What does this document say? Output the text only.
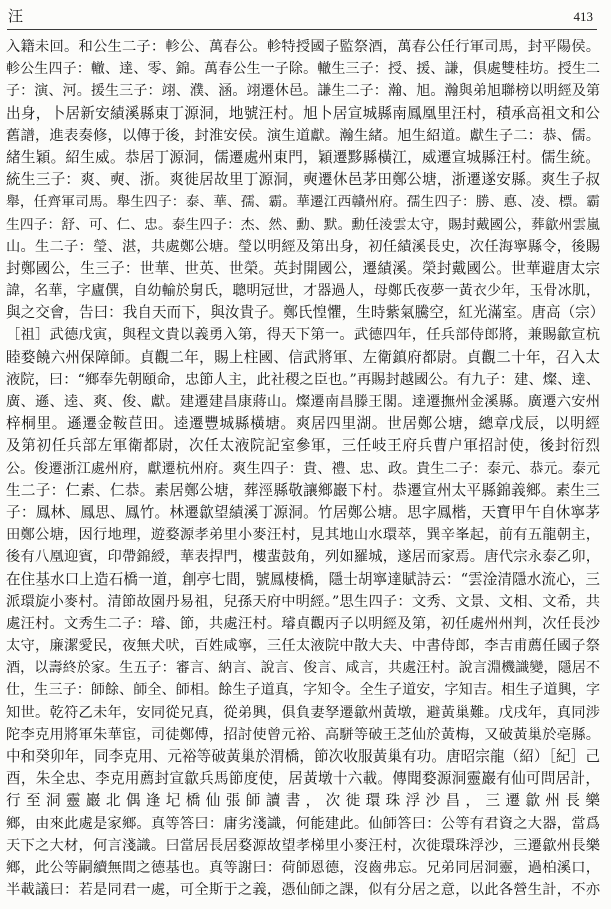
汪	413
入籍未回。和公生二子：軫公、萬春公。軫特授國子監祭酒，萬春公任行軍司馬，封平陽侯。
軫公生四子：轍、達、零、錦。萬春公生一子除。轍生三子：授、援、謙，俱處雙桂坊。授生二
子：演、河。援生三子：翊、濮、涵。翊遷休邑。謙生二子：瀚、旭。瀚與弟旭聯榜以明經及第
出身，卜居新安績溪縣東丁源洞，地號汪村。旭卜居宣城縣南鳳凰里汪村，積承高祖文和公
舊譜，進表奏修，以傳于後，封淮安侯。演生道獻。瀚生緒。旭生紹道。獻生子二：恭、儒。
緒生穎。紹生威。恭居丁源洞，儒遷處州東門，穎遷黟縣橫江，威遷宣城縣汪村。儒生統。
統生三子：爽、奭、浙。爽徙居故里丁源洞，奭遷休邑茅田鄭公塘，浙遷遂安縣。爽生子叔
舉，任齊軍司馬。舉生四子：泰、華、孺、霸。華遷江西贛州府。孺生四子：勝、悳、凌、標。霸
生四子：舒、可、仁、忠。泰生四子：杰、然、勳、默。勳任淩雲太守，賜封戴國公，葬歙州雲嵐
山。生二子：瑩、湛，共處鄭公塘。瑩以明經及第出身，初任績溪長史，次任海寧縣令，後賜
封鄭國公，生三子：世華、世英、世榮。英封開國公，遷績溪。榮封戴國公。世華避唐太宗
諱，名華，字廬僎，自幼輸於舅氏，聰明冠世，才器過人，母鄭氏夜夢一黃衣少年，玉骨冰肌，
與之交會，告曰：我自天而下，與汝貴子。鄭氏惶懼，生時紫氣騰空，紅光滿室。唐高（宗）
［祖］武德戊寅，與程文貴以義勇入第，得天下第一。武德四年，任兵部侍郎將，兼賜歙宣杭
睦婺饒六州保障師。貞觀二年，賜上柱國、信武將軍、左衛鎮府都尉。貞觀二十年，召入太
液院，曰：“鄉奉先朝頤命，忠節人主，此社稷之臣也。”再賜封越國公。有九子：建、燦、達、
廣、遜、逵、爽、俊、獻。建遷建昌康蔣山。燦遷南昌滕王閣。達遷撫州金溪縣。廣遷六安州
梓桐里。遜遷金鞍苣田。逵遷豐城縣橫塘。爽居四里湖。世居鄭公塘，總章戊辰，以明經
及第初任兵部左軍衛都尉，次任太液院記室參軍，三任岐王府兵曹户軍招討使，後封衍烈
公。俊遷浙江處州府，獻遷杭州府。爽生四子：貴、禮、忠、政。貴生二子：泰元、恭元。泰元
生二子：仁素、仁恭。素居鄭公塘，葬涇縣敬讓鄉巖下村。恭遷宣州太平縣錦義鄉。素生三
子：鳳林、鳳思、鳳竹。林遷歙望績溪丁源洞。竹居鄭公塘。思字鳳楷，天寶甲午自休寧茅
田鄭公塘，因行地理，遊婺源孝弟里小麥汪村，見其地山水環萃，巽辛峯起，前有五龍朝主，
後有八凰迎賓，印帶錦綬，華表捍門，樓蜚鼓角，列如羅城，遂居而家焉。唐代宗永泰乙卯，
在住基水口上造石橋一道，創亭七間，號鳳棲橋，隱士胡寧達賦詩云：“雲淦清隱水流心，三
派環旋小麥村。清節故園丹易祖，兒孫天府中明經。”思生四子：文秀、文景、文相、文希，共
處汪村。文秀生二子：璿、節，共處汪村。璿貞觀丙子以明經及第，初任處州州判，次任長沙
太守，廉潔愛民，夜無犬吠，百姓咸寧，三任太液院中散大夫、中書侍郎，李吉甫薦任國子祭
酒，以壽終於家。生五子：審言、納言、說言、俊言、咸言，共處汪村。說言淵機識變，隱居不
仕，生三子：師餘、師全、師相。餘生子道真，字知令。全生子道安，字知吉。相生子道興，字
知世。乾符乙未年，安同從兄真，從弟興，俱負妻孥遷歙州黃墩，避黃巢難。戊戌年，真同涉
陀李克用將軍朱華宦，司徒鄭傅，招討使曾元裕、高駢等破王芝仙於黃梅，又破黃巢於亳縣。
中和癸卯年，同李克用、元裕等破黃巢於渭橋，節次收服黃巢有功。唐昭宗龍（紹）［紀］己
酉，朱全忠、李克用薦封宣歙兵馬節度使，居黃墩十六載。傳聞婺源洞靈巖有仙可問居計，
行至洞靈巖北偶逢圮橋仙張師讀書，次徙環珠浮沙昌，三遷歙州長樂
鄉，由來此處是家鄉。真等答曰：庸劣淺識，何能建此。仙師答曰：公等有君資之大器，當爲
天下之大材，何言淺識。曰當居長居婺源故望孝梯里小麥汪村，次徙環珠浮沙，三遷歙州長樂
鄉，此公等嗣續無間之德基也。真等謝曰：荷師恩德，沒齒弗忘。兄弟同居洞靈，過柏溪口，
半載議曰：若是同君一處，可全斯于之義，憑仙師之課，似有分居之意，以此各營生計，不亦
